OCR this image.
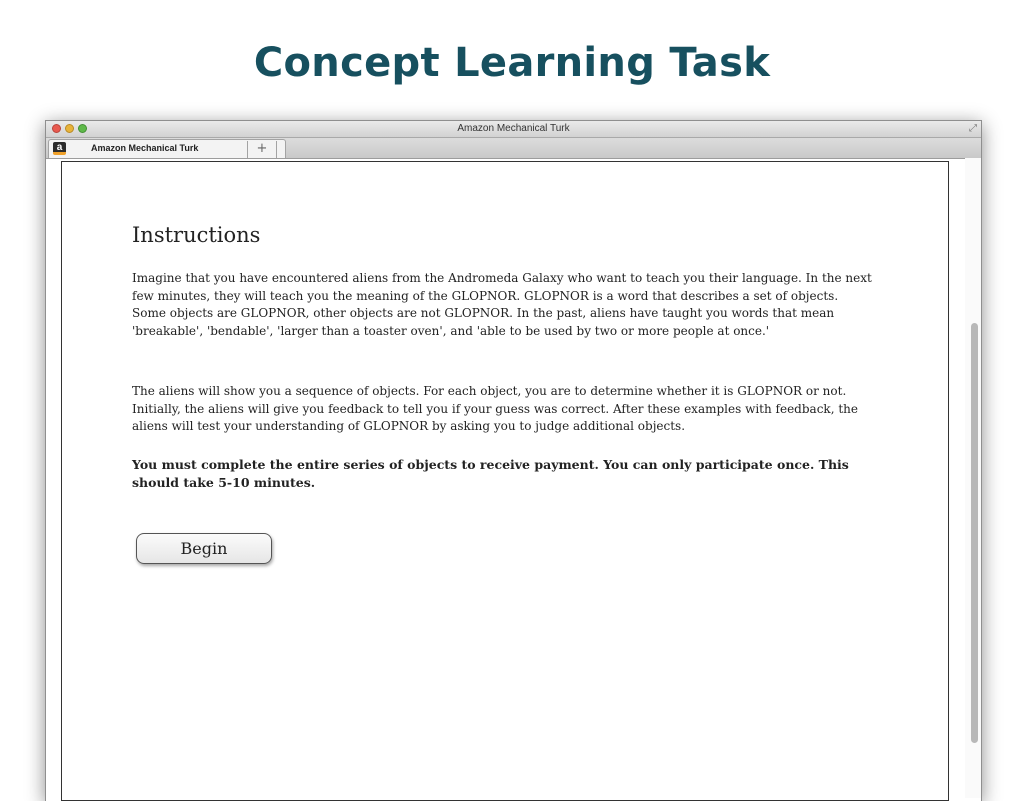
Concept Learning Task
Amazon Mechanical Turk	⤢
a	Amazon Mechanical Turk	+
Instructions

Imagine that you have encountered aliens from the Andromeda Galaxy who want to teach you their language. In the next few minutes, they will teach you the meaning of the GLOPNOR. GLOPNOR is a word that describes a set of objects. Some objects are GLOPNOR, other objects are not GLOPNOR. In the past, aliens have taught you words that mean 'breakable', 'bendable', 'larger than a toaster oven', and 'able to be used by two or more people at once.'

The aliens will show you a sequence of objects. For each object, you are to determine whether it is GLOPNOR or not. Initially, the aliens will give you feedback to tell you if your guess was correct. After these examples with feedback, the aliens will test your understanding of GLOPNOR by asking you to judge additional objects.

You must complete the entire series of objects to receive payment. You can only participate once. This should take 5-10 minutes.

Begin
